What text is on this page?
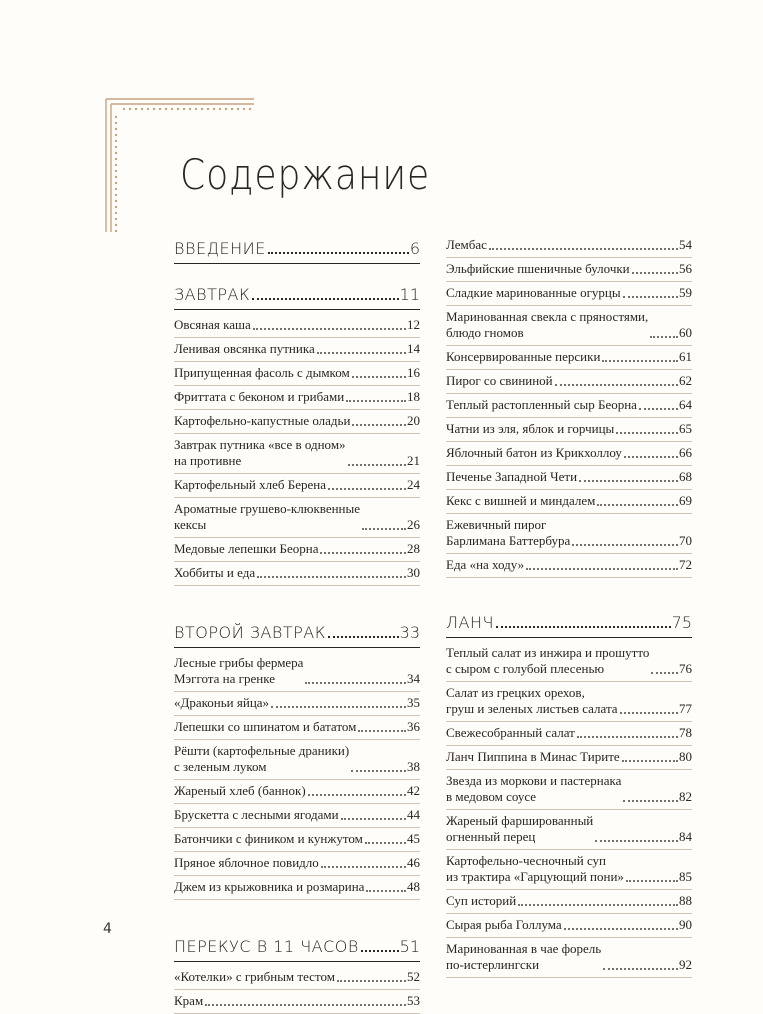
Содержание
ВВЕДЕНИЕ	6
ЗАВТРАК	11
Овсяная каша	12
Ленивая овсянка путника	14
Припущенная фасоль с дымком	16
Фриттата с беконом и грибами	18
Картофельно-капустные оладьи	20
Завтрак путника «все в одном»
на противне	21
Картофельный хлеб Берена	24
Ароматные грушево-клюквенные
кексы	26
Медовые лепешки Беорна	28
Хоббиты и еда	30
ВТОРОЙ ЗАВТРАК	33
Лесные грибы фермера
Мэггота на гренке	34
«Драконьи яйца»	35
Лепешки со шпинатом и бататом	36
Рёшти (картофельные драники)
с зеленым луком	38
Жареный хлеб (баннок)	42
Брускетта с лесными ягодами	44
Батончики с фиником и кунжутом	45
Пряное яблочное повидло	46
Джем из крыжовника и розмарина	48
ПЕРЕКУС В 11 ЧАСОВ	51
«Котелки» с грибным тестом	52
Крам	53
Лембас	54
Эльфийские пшеничные булочки	56
Сладкие маринованные огурцы	59
Маринованная свекла с пряностями,
блюдо гномов	60
Консервированные персики	61
Пирог со свининой	62
Теплый растопленный сыр Беорна	64
Чатни из эля, яблок и горчицы	65
Яблочный батон из Крикхоллоу	66
Печенье Западной Чети	68
Кекс с вишней и миндалем	69
Ежевичный пирог
Барлимана Баттербура	70
Еда «на ходу»	72
ЛАНЧ	75
Теплый салат из инжира и прошутто
с сыром с голубой плесенью	76
Салат из грецких орехов,
груш и зеленых листьев салата	77
Свежесобранный салат	78
Ланч Пиппина в Минас Тирите	80
Звезда из моркови и пастернака
в медовом соусе	82
Жареный фаршированный
огненный перец	84
Картофельно-чесночный суп
из трактира «Гарцующий пони»	85
Суп историй	88
Сырая рыба Голлума	90
Маринованная в чае форель
по-истерлингски	92
4
